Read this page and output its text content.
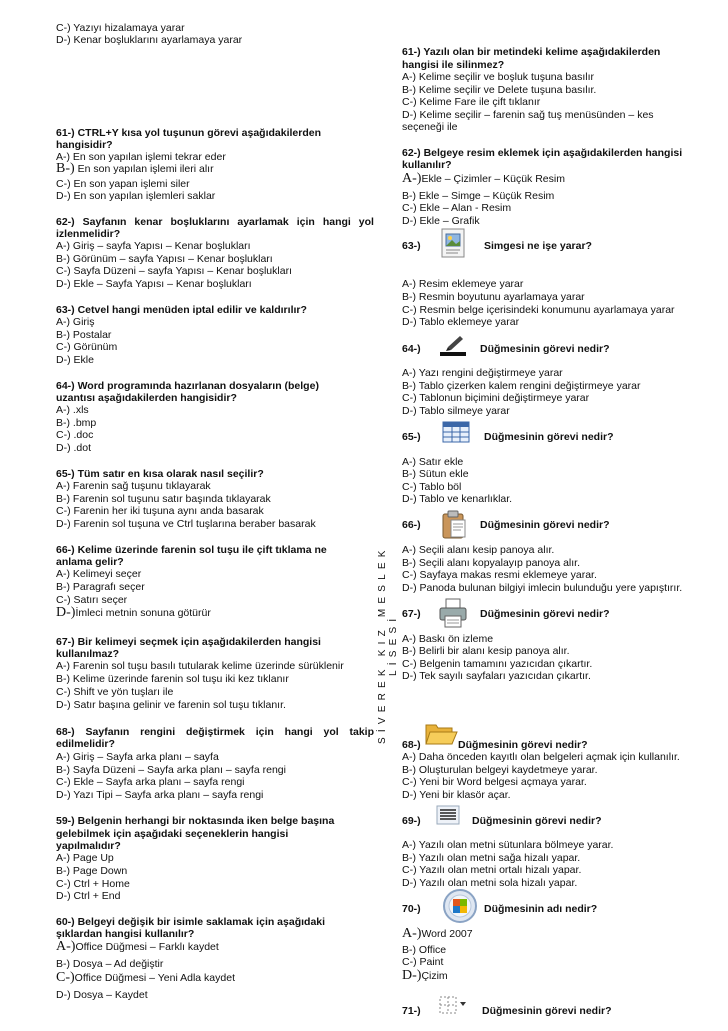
C-) Yazıyı hizalamaya yarar
D-) Kenar boşluklarını ayarlamaya yarar
61-) CTRL+Y kısa yol tuşunun görevi aşağıdakilerden
hangisidir?
A-) En son yapılan işlemi tekrar eder
B-) En son yapılan işlemi ileri alır
C-) En son yapan işlemi siler
D-) En son yapılan işlemleri saklar
62-) Sayfanın kenar boşluklarını ayarlamak için hangi yol
izlenmelidir?
A-) Giriş – sayfa Yapısı – Kenar boşlukları
B-) Görünüm – sayfa Yapısı – Kenar boşlukları
C-) Sayfa Düzeni – sayfa Yapısı – Kenar boşlukları
D-) Ekle – Sayfa Yapısı – Kenar boşlukları
63-) Cetvel hangi menüden iptal edilir ve kaldırılır?
A-) Giriş
B-) Postalar
C-) Görünüm
D-) Ekle
64-) Word programında hazırlanan dosyaların (belge)
uzantısı aşağıdakilerden hangisidir?
A-) .xls
B-) .bmp
C-) .doc
D-) .dot
65-) Tüm satır en kısa olarak nasıl seçilir?
A-) Farenin sağ tuşunu tıklayarak
B-) Farenin sol tuşunu satır başında tıklayarak
C-) Farenin her iki tuşuna aynı anda basarak
D-) Farenin sol tuşuna ve Ctrl tuşlarına beraber basarak
66-) Kelime üzerinde farenin sol tuşu ile çift tıklama ne
anlama gelir?
A-) Kelimeyi seçer
B-) Paragrafı seçer
C-) Satırı seçer
D-)İmleci metnin sonuna götürür
67-) Bir kelimeyi seçmek için aşağıdakilerden hangisi
kullanılmaz?
A-) Farenin sol tuşu basılı tutularak kelime üzerinde sürüklenir
B-) Kelime üzerinde farenin sol tuşu iki kez tıklanır
C-) Shift ve yön tuşları ile
D-) Satır başına gelinir ve farenin sol tuşu tıklanır.
68-) Sayfanın rengini değiştirmek için hangi yol takip
edilmelidir?
A-) Giriş – Sayfa arka planı – sayfa
B-) Sayfa Düzeni – Sayfa arka planı – sayfa rengi
C-) Ekle – Sayfa arka planı – sayfa rengi
D-) Yazı Tipi – Sayfa arka planı – sayfa rengi
59-) Belgenin herhangi bir noktasında iken belge başına
gelebilmek için aşağıdaki seçeneklerin hangisi
yapılmalıdır?
A-) Page Up
B-) Page Down
C-) Ctrl + Home
D-) Ctrl + End
60-) Belgeyi değişik bir isimle saklamak için aşağıdaki
şıklardan hangisi kullanılır?
A-)Office Düğmesi – Farklı kaydet
B-) Dosya – Ad değiştir
C-)Office Düğmesi – Yeni Adla kaydet
D-) Dosya – Kaydet
61-) Yazılı olan bir metindeki kelime aşağıdakilerden
hangisi ile silinmez?
A-) Kelime seçilir ve boşluk tuşuna basılır
B-) Kelime seçilir ve Delete tuşuna basılır.
C-) Kelime Fare ile çift tıklanır
D-) Kelime seçilir – farenin sağ tuş menüsünden – kes
seçeneği ile
62-) Belgeye resim eklemek için aşağıdakilerden hangisi
kullanılır?
A-)Ekle – Çizimler – Küçük Resim
B-) Ekle – Simge – Küçük Resim
C-) Ekle – Alan - Resim
D-) Ekle – Grafik
63-)	Simgesi ne işe yarar?
A-) Resim eklemeye yarar
B-) Resmin boyutunu ayarlamaya yarar
C-) Resmin belge içerisindeki konumunu ayarlamaya yarar
D-) Tablo eklemeye yarar
64-)	Düğmesinin görevi nedir?
A-) Yazı rengini değiştirmeye yarar
B-) Tablo çizerken kalem rengini değiştirmeye yarar
C-) Tablonun biçimini değiştirmeye yarar
D-) Tablo silmeye yarar
65-)	Düğmesinin görevi nedir?
A-) Satır ekle
B-) Sütun ekle
C-) Tablo böl
D-) Tablo ve kenarlıklar.
66-)	Düğmesinin görevi nedir?
A-) Seçili alanı kesip panoya alır.
B-) Seçili alanı kopyalayıp panoya alır.
C-) Sayfaya makas resmi eklemeye yarar.
D-) Panoda bulunan bilgiyi imlecin bulunduğu yere yapıştırır.
67-)	Düğmesinin görevi nedir?
A-) Baskı ön izleme
B-) Belirli bir alanı kesip panoya alır.
C-) Belgenin tamamını yazıcıdan çıkartır.
D-) Tek sayılı sayfaları yazıcıdan çıkartır.
68-)	Düğmesinin görevi nedir?
A-) Daha önceden kayıtlı olan belgeleri açmak için kullanılır.
B-) Oluşturulan belgeyi kaydetmeye yarar.
C-) Yeni bir Word belgesi açmaya yarar.
D-) Yeni bir klasör açar.
69-)	Düğmesinin görevi nedir?
A-) Yazılı olan metni sütunlara bölmeye yarar.
B-) Yazılı olan metni sağa hizalı yapar.
C-) Yazılı olan metni ortalı hizalı yapar.
D-) Yazılı olan metni sola hizalı yapar.
70-)	Düğmesinin adı nedir?
A-)Word 2007
B-) Office
C-) Paint
D-)Çizim
71-)	Düğmesinin görevi nedir?
SİVEREK KIZ MESLEK LİSESİ
